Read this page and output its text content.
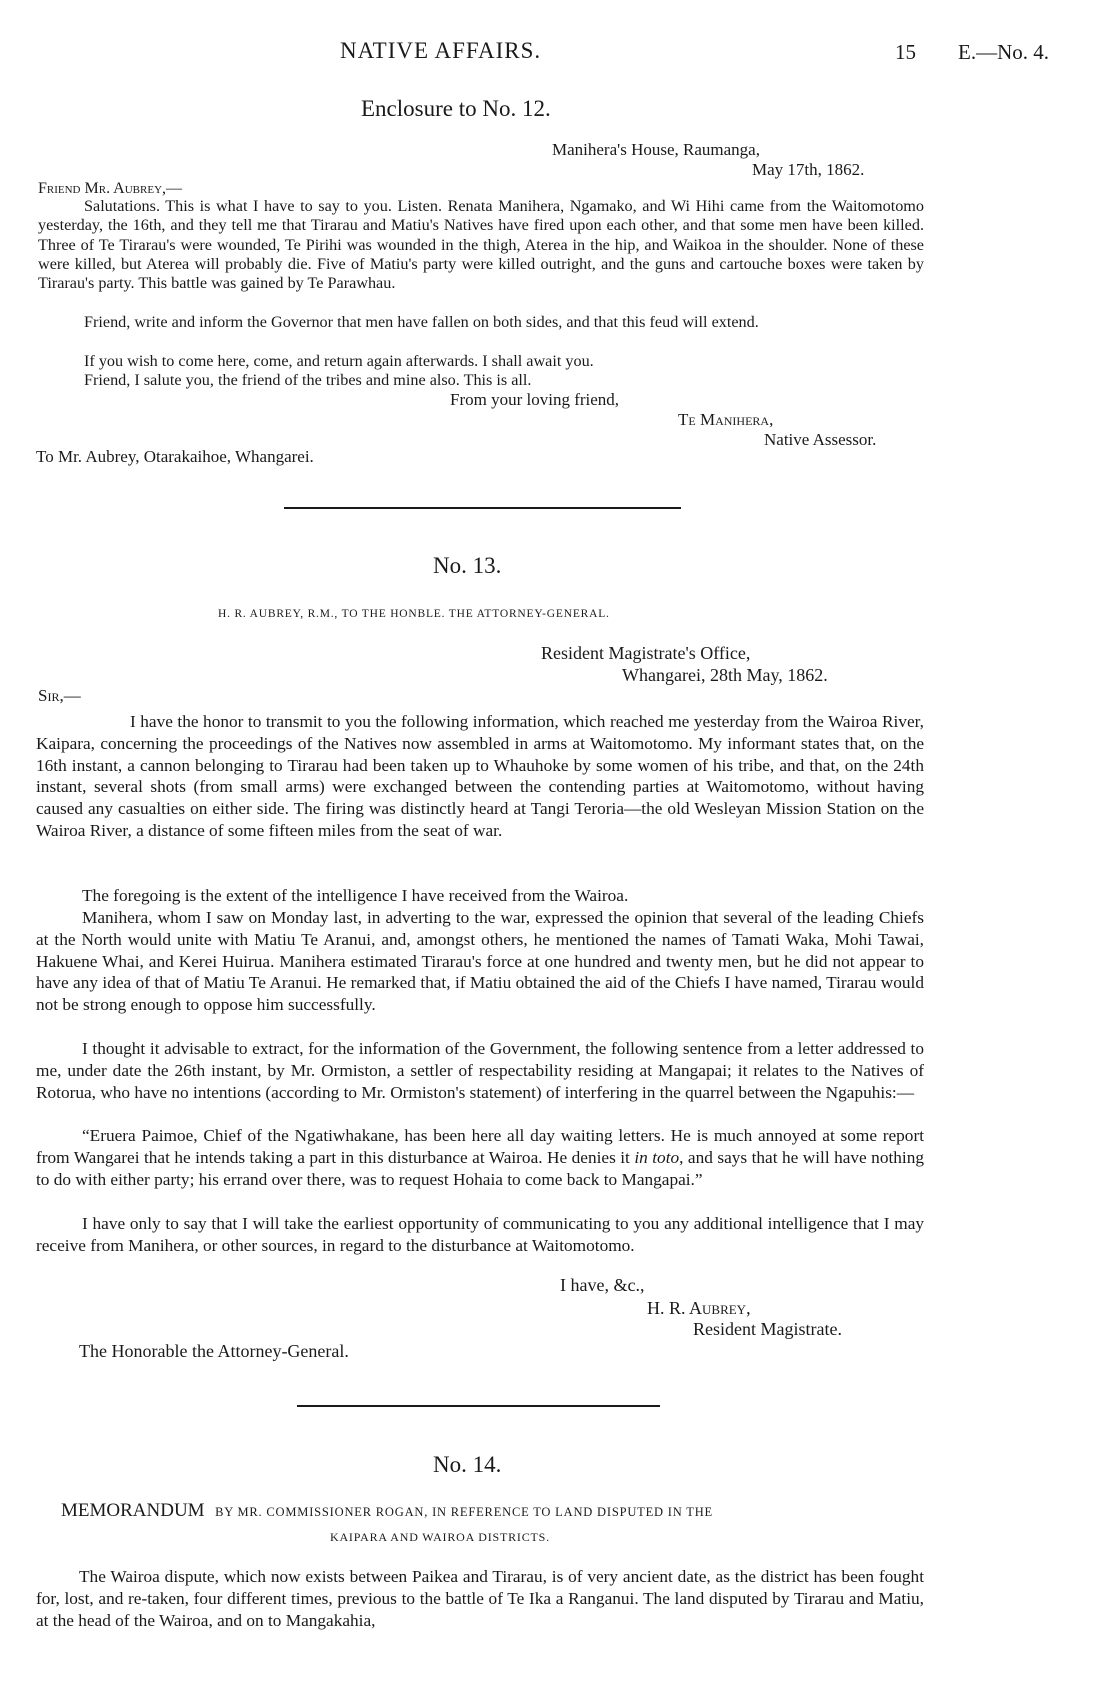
NATIVE AFFAIRS.	15 E.—No. 4.
Enclosure to No. 12.
Manihera's House, Raumanga,
May 17th, 1862.
Friend Mr. Aubrey,—

Salutations. This is what I have to say to you. Listen. Renata Manihera, Ngamako, and Wi Hihi came from the Waitomotomo yesterday, the 16th, and they tell me that Tirarau and Matiu's Natives have fired upon each other, and that some men have been killed. Three of Te Tirarau's were wounded, Te Pirihi was wounded in the thigh, Aterea in the hip, and Waikoa in the shoulder. None of these were killed, but Aterea will probably die. Five of Matiu's party were killed outright, and the guns and cartouche boxes were taken by Tirarau's party. This battle was gained by Te Parawhau.

Friend, write and inform the Governor that men have fallen on both sides, and that this feud will extend.

If you wish to come here, come, and return again afterwards. I shall await you.

Friend, I salute you, the friend of the tribes and mine also. This is all.

From your loving friend,
Te Manihera,
Native Assessor.
To Mr. Aubrey, Otarakaihoe, Whangarei.
No. 13.
H. R. AUBREY, R.M., TO THE HONBLE. THE ATTORNEY-GENERAL.
Resident Magistrate's Office,
Whangarei, 28th May, 1862.
Sir,—

I have the honor to transmit to you the following information, which reached me yesterday from the Wairoa River, Kaipara, concerning the proceedings of the Natives now assembled in arms at Waitomotomo. My informant states that, on the 16th instant, a cannon belonging to Tirarau had been taken up to Whauhoke by some women of his tribe, and that, on the 24th instant, several shots (from small arms) were exchanged between the contending parties at Waitomotomo, without having caused any casualties on either side. The firing was distinctly heard at Tangi Teroria—the old Wesleyan Mission Station on the Wairoa River, a distance of some fifteen miles from the seat of war.

The foregoing is the extent of the intelligence I have received from the Wairoa.

Manihera, whom I saw on Monday last, in adverting to the war, expressed the opinion that several of the leading Chiefs at the North would unite with Matiu Te Aranui, and, amongst others, he mentioned the names of Tamati Waka, Mohi Tawai, Hakuene Whai, and Kerei Huirua. Manihera estimated Tirarau's force at one hundred and twenty men, but he did not appear to have any idea of that of Matiu Te Aranui. He remarked that, if Matiu obtained the aid of the Chiefs I have named, Tirarau would not be strong enough to oppose him successfully.

I thought it advisable to extract, for the information of the Government, the following sentence from a letter addressed to me, under date the 26th instant, by Mr. Ormiston, a settler of respectability residing at Mangapai; it relates to the Natives of Rotorua, who have no intentions (according to Mr. Ormiston's statement) of interfering in the quarrel between the Ngapuhis:—

“Eruera Paimoe, Chief of the Ngatiwhakane, has been here all day waiting letters. He is much annoyed at some report from Wangarei that he intends taking a part in this disturbance at Wairoa. He denies it in toto, and says that he will have nothing to do with either party; his errand over there, was to request Hohaia to come back to Mangapai.”

I have only to say that I will take the earliest opportunity of communicating to you any additional intelligence that I may receive from Manihera, or other sources, in regard to the disturbance at Waitomotomo.

I have, &c.,
H. R. Aubrey,
Resident Magistrate.
The Honorable the Attorney-General.
No. 14.
MEMORANDUM BY MR. COMMISSIONER ROGAN, IN REFERENCE TO LAND DISPUTED IN THE
KAIPARA AND WAIROA DISTRICTS.

The Wairoa dispute, which now exists between Paikea and Tirarau, is of very ancient date, as the district has been fought for, lost, and re-taken, four different times, previous to the battle of Te Ika a Ranganui. The land disputed by Tirarau and Matiu, at the head of the Wairoa, and on to Mangakahia,
